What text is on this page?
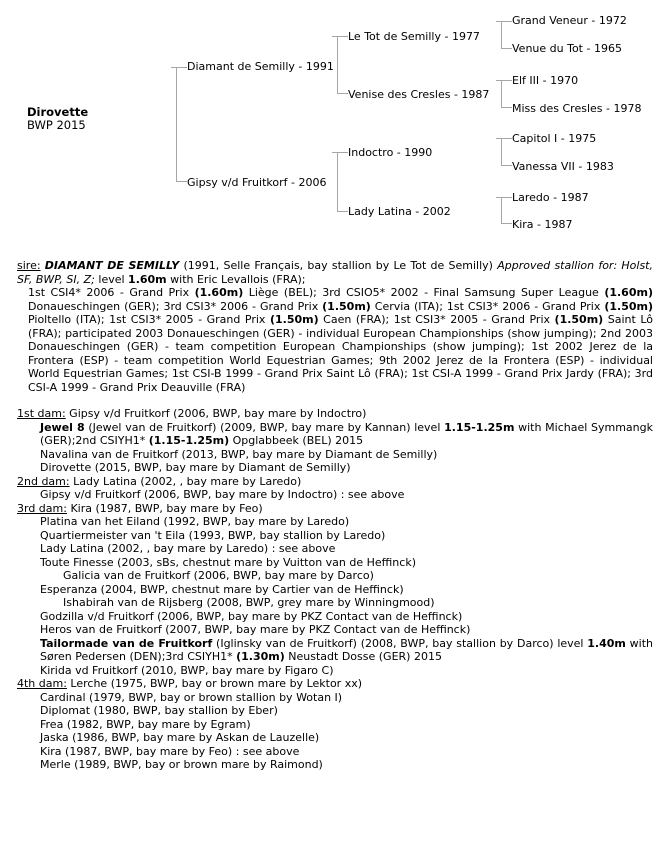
Dirovette
BWP 2015
Diamant de Semilly - 1991
Gipsy v/d Fruitkorf - 2006
Le Tot de Semilly - 1977
Venise des Cresles - 1987
Indoctro - 1990
Lady Latina - 2002
Grand Veneur - 1972
Venue du Tot - 1965
Elf III - 1970
Miss des Cresles - 1978
Capitol I - 1975
Vanessa VII - 1983
Laredo - 1987
Kira - 1987
sire: DIAMANT DE SEMILLY (1991, Selle Français, bay stallion by Le Tot de Semilly) Approved stallion for: Holst, SF, BWP, SI, Z; level 1.60m with Eric Levallois (FRA);
1st CSI4* 2006 - Grand Prix (1.60m) Liège (BEL); 3rd CSIO5* 2002 - Final Samsung Super League (1.60m) Donaueschingen (GER); 3rd CSI3* 2006 - Grand Prix (1.50m) Cervia (ITA); 1st CSI3* 2006 - Grand Prix (1.50m) Pioltello (ITA); 1st CSI3* 2005 - Grand Prix (1.50m) Caen (FRA); 1st CSI3* 2005 - Grand Prix (1.50m) Saint Lô (FRA); participated 2003 Donaueschingen (GER) - individual European Championships (show jumping); 2nd 2003 Donaueschingen (GER) - team competition European Championships (show jumping); 1st 2002 Jerez de la Frontera (ESP) - team competition World Equestrian Games; 9th 2002 Jerez de la Frontera (ESP) - individual World Equestrian Games; 1st CSI-B 1999 - Grand Prix Saint Lô (FRA); 1st CSI-A 1999 - Grand Prix Jardy (FRA); 3rd CSI-A 1999 - Grand Prix Deauville (FRA)
1st dam: Gipsy v/d Fruitkorf (2006, BWP, bay mare by Indoctro)
Jewel 8 (Jewel van de Fruitkorf) (2009, BWP, bay mare by Kannan) level 1.15-1.25m with Michael Symmangk (GER);2nd CSIYH1* (1.15-1.25m) Opglabbeek (BEL) 2015
Navalina van de Fruitkorf (2013, BWP, bay mare by Diamant de Semilly)
Dirovette (2015, BWP, bay mare by Diamant de Semilly)
2nd dam: Lady Latina (2002, , bay mare by Laredo)
Gipsy v/d Fruitkorf (2006, BWP, bay mare by Indoctro) : see above
3rd dam: Kira (1987, BWP, bay mare by Feo)
Platina van het Eiland (1992, BWP, bay mare by Laredo)
Quartiermeister van 't Eila (1993, BWP, bay stallion by Laredo)
Lady Latina (2002, , bay mare by Laredo) : see above
Toute Finesse (2003, sBs, chestnut mare by Vuitton van de Heffinck)
Galicia van de Fruitkorf (2006, BWP, bay mare by Darco)
Esperanza (2004, BWP, chestnut mare by Cartier van de Heffinck)
Ishabirah van de Rijsberg (2008, BWP, grey mare by Winningmood)
Godzilla v/d Fruitkorf (2006, BWP, bay mare by PKZ Contact van de Heffinck)
Heros van de Fruitkorf (2007, BWP, bay mare by PKZ Contact van de Heffinck)
Tailormade van de Fruitkorf (Iglinsky van de Fruitkorf) (2008, BWP, bay stallion by Darco) level 1.40m with Søren Pedersen (DEN);3rd CSIYH1* (1.30m) Neustadt Dosse (GER) 2015
Kirida vd Fruitkorf (2010, BWP, bay mare by Figaro C)
4th dam: Lerche (1975, BWP, bay or brown mare by Lektor xx)
Cardinal (1979, BWP, bay or brown stallion by Wotan I)
Diplomat (1980, BWP, bay stallion by Eber)
Frea (1982, BWP, bay mare by Egram)
Jaska (1986, BWP, bay mare by Askan de Lauzelle)
Kira (1987, BWP, bay mare by Feo) : see above
Merle (1989, BWP, bay or brown mare by Raimond)
